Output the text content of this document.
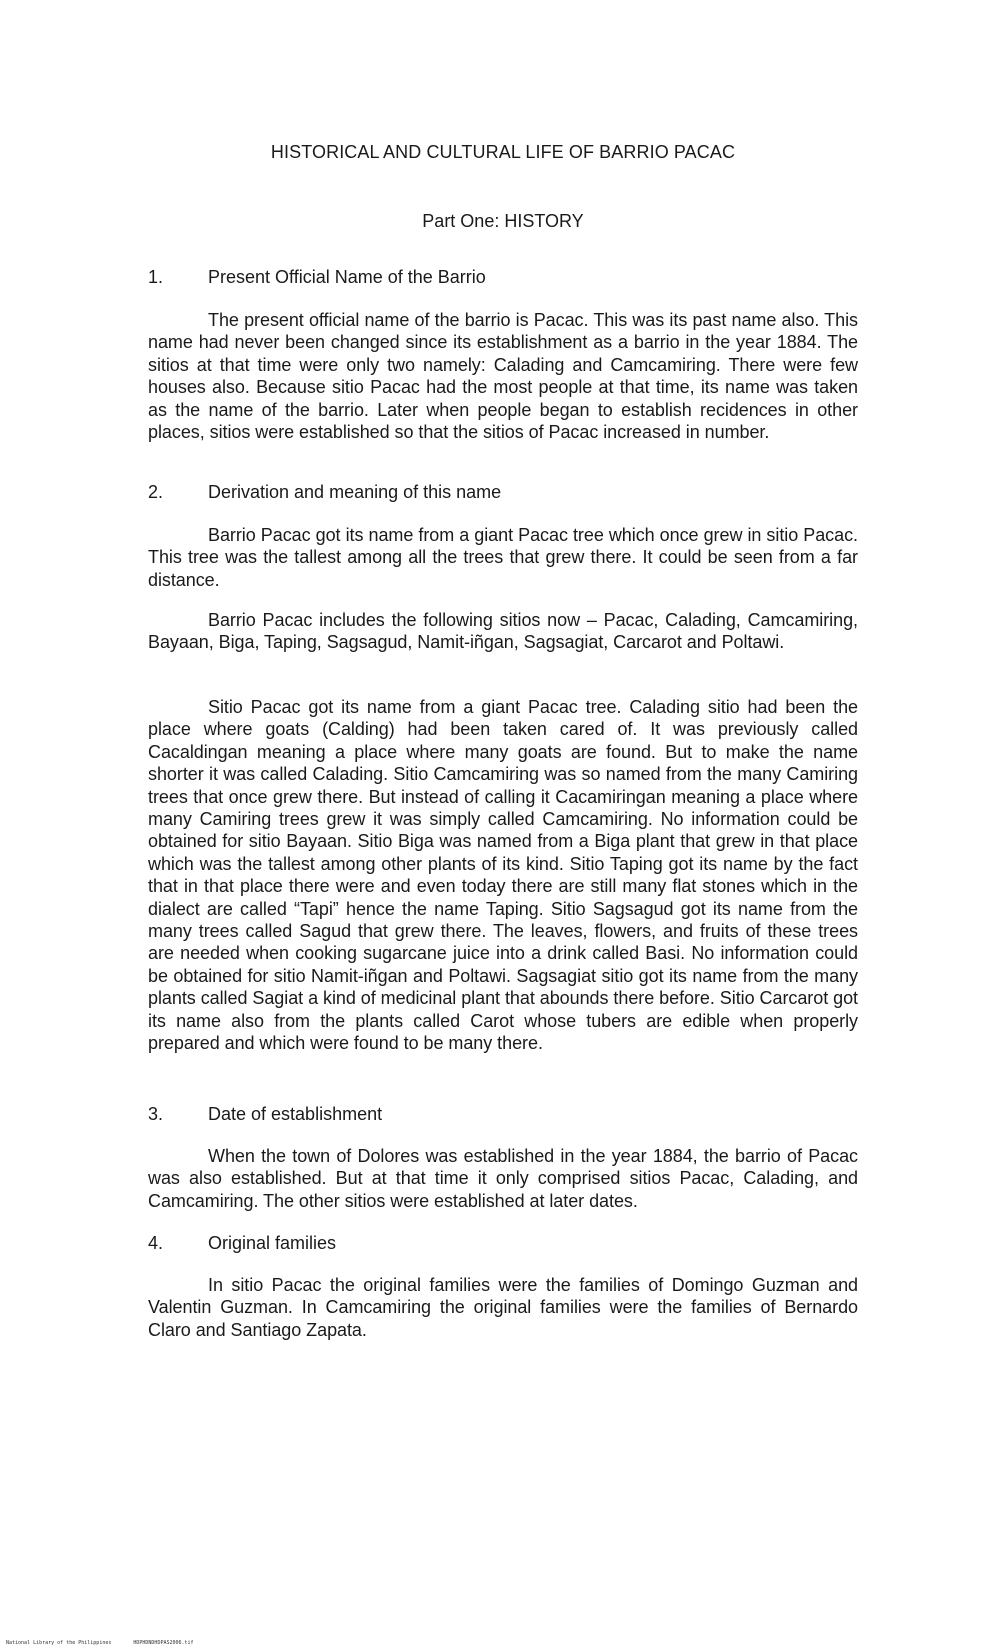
HISTORICAL AND CULTURAL LIFE OF BARRIO PACAC
Part One: HISTORY
1. Present Official Name of the Barrio

The present official name of the barrio is Pacac. This was its past name also. This name had never been changed since its establishment as a barrio in the year 1884. The sitios at that time were only two namely: Calading and Camcamiring. There were few houses also. Because sitio Pacac had the most people at that time, its name was taken as the name of the barrio. Later when people began to establish recidences in other places, sitios were established so that the sitios of Pacac increased in number.

2. Derivation and meaning of this name

Barrio Pacac got its name from a giant Pacac tree which once grew in sitio Pacac. This tree was the tallest among all the trees that grew there. It could be seen from a far distance.

Barrio Pacac includes the following sitios now – Pacac, Calading, Camcamiring, Bayaan, Biga, Taping, Sagsagud, Namit-iñgan, Sagsagiat, Carcarot and Poltawi.

Sitio Pacac got its name from a giant Pacac tree. Calading sitio had been the place where goats (Calding) had been taken cared of. It was previously called Cacaldingan meaning a place where many goats are found. But to make the name shorter it was called Calading. Sitio Camcamiring was so named from the many Camiring trees that once grew there. But instead of calling it Cacamiringan meaning a place where many Camiring trees grew it was simply called Camcamiring. No information could be obtained for sitio Bayaan. Sitio Biga was named from a Biga plant that grew in that place which was the tallest among other plants of its kind. Sitio Taping got its name by the fact that in that place there were and even today there are still many flat stones which in the dialect are called “Tapi” hence the name Taping. Sitio Sagsagud got its name from the many trees called Sagud that grew there. The leaves, flowers, and fruits of these trees are needed when cooking sugarcane juice into a drink called Basi. No information could be obtained for sitio Namit-iñgan and Poltawi. Sagsagiat sitio got its name from the many plants called Sagiat a kind of medicinal plant that abounds there before. Sitio Carcarot got its name also from the plants called Carot whose tubers are edible when properly prepared and which were found to be many there.

3. Date of establishment

When the town of Dolores was established in the year 1884, the barrio of Pacac was also established. But at that time it only comprised sitios Pacac, Calading, and Camcamiring. The other sitios were established at later dates.

4. Original families

In sitio Pacac the original families were the families of Domingo Guzman and Valentin Guzman. In Camcamiring the original families were the families of Bernardo Claro and Santiago Zapata.

National Library of the Philippines	HDPHDNDHDPAS2006.tif
